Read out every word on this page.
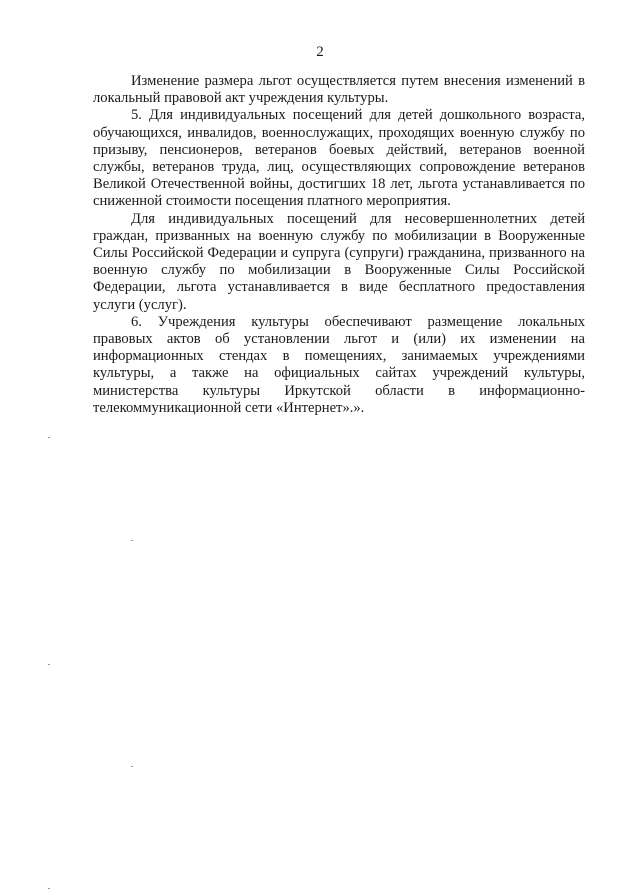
2

Изменение размера льгот осуществляется путем внесения изменений в локальный правовой акт учреждения культуры.

5. Для индивидуальных посещений для детей дошкольного возраста, обучающихся, инвалидов, военнослужащих, проходящих военную службу по призыву, пенсионеров, ветеранов боевых действий, ветеранов военной службы, ветеранов труда, лиц, осуществляющих сопровождение ветеранов Великой Отечественной войны, достигших 18 лет, льгота устанавливается по сниженной стоимости посещения платного мероприятия.

Для индивидуальных посещений для несовершеннолетних детей граждан, призванных на военную службу по мобилизации в Вооруженные Силы Российской Федерации и супруга (супруги) гражданина, призванного на военную службу по мобилизации в Вооруженные Силы Российской Федерации, льгота устанавливается в виде бесплатного предоставления услуги (услуг).

6. Учреждения культуры обеспечивают размещение локальных правовых актов об установлении льгот и (или) их изменении на информационных стендах в помещениях, занимаемых учреждениями культуры, а также на официальных сайтах учреждений культуры, министерства культуры Иркутской области в информационно-телекоммуникационной сети «Интернет».».
